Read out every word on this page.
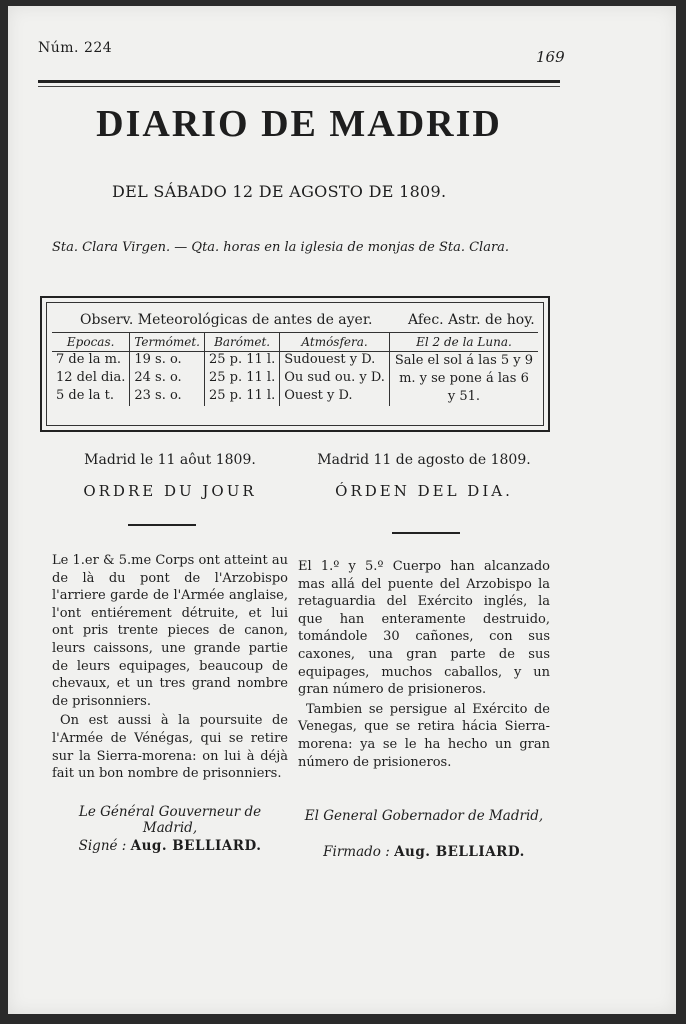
Núm. 224	169
DIARIO DE MADRID
DEL SÁBADO 12 DE AGOSTO DE 1809.
Sta. Clara Virgen. — Qta. horas en la iglesia de monjas de Sta. Clara.
Observ. Meteorológicas de antes de ayer.	Afec. Astr. de hoy.
Epocas.	Termómet.	Barómet.	Atmósfera.	El 2 de la Luna.
7 de la m.	19 s. o.	25 p. 11 l.	Sudouest y D.	Sale el sol á las 5 y 9 m. y se pone á las 6 y 51.
12 del dia.	24 s. o.	25 p. 11 l.	Ou sud ou. y D.	
5 de la t.	23 s. o.	25 p. 11 l.	Ouest y D.	
Madrid le 11 aôut 1809.
ORDRE DU JOUR

Le 1.er & 5.me Corps ont atteint au de là du pont de l'Arzobispo l'arriere garde de l'Armée anglaise, l'ont entiérement détruite, et lui ont pris trente pieces de canon, leurs caissons, une grande partie de leurs equipages, beaucoup de chevaux, et un tres grand nombre de prisonniers.

On est aussi à la poursuite de l'Armée de Vénégas, qui se retire sur la Sierra-morena: on lui à déjà fait un bon nombre de prisonniers.

Le Général Gouverneur de Madrid,
Signé : Aug. BELLIARD.
Madrid 11 de agosto de 1809.
ÓRDEN DEL DIA.

El 1.º y 5.º Cuerpo han alcanzado mas allá del puente del Arzobispo la retaguardia del Exército inglés, la que han enteramente destruido, tomándole 30 cañones, con sus caxones, una gran parte de sus equipages, muchos caballos, y un gran número de prisioneros.

Tambien se persigue al Exército de Venegas, que se retira hácia Sierra-morena: ya se le ha hecho un gran número de prisioneros.

El General Gobernador de Madrid,
Firmado : Aug. BELLIARD.
